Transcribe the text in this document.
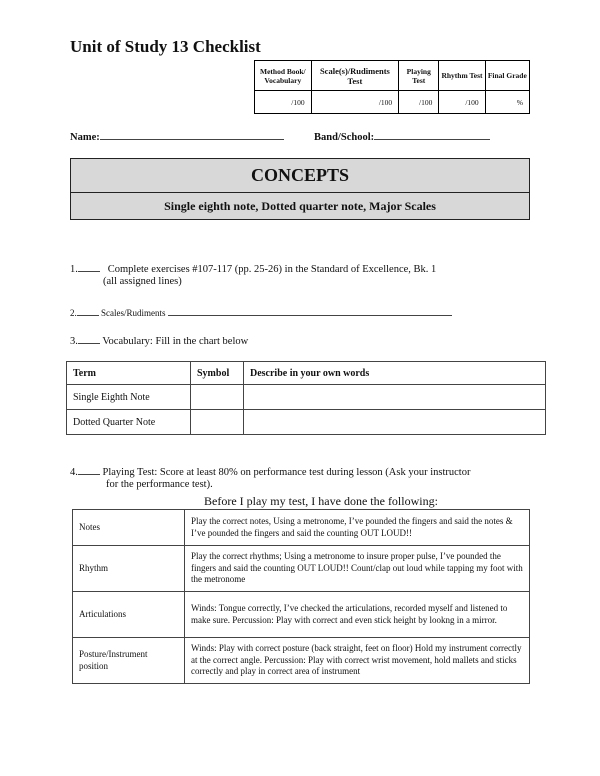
Unit of Study 13 Checklist
Method Book/ Vocabulary	Scale(s)/Rudiments Test	Playing Test	Rhythm Test	Final Grade
/100	/100	/100	/100	%
Name:	Band/School:
CONCEPTS
Single eighth note, Dotted quarter note, Major Scales
1.	Complete exercises #107-117 (pp. 25-26) in the Standard of Excellence, Bk. 1
(all assigned lines)
2.	Scales/Rudiments
3. Vocabulary: Fill in the chart below
Term	Symbol	Describe in your own words
Single Eighth Note		
Dotted Quarter Note		
4. Playing Test: Score at least 80% on performance test during lesson (Ask your instructor
for the performance test).
Before I play my test, I have done the following:
Notes	Play the correct notes, Using a metronome, I’ve pounded the fingers and said the notes & I’ve pounded the fingers and said the counting OUT LOUD!!
Rhythm	Play the correct rhythms; Using a metronome to insure proper pulse, I’ve pounded the fingers and said the counting OUT LOUD!! Count/clap out loud while tapping my foot with the metronome
Articulations	Winds: Tongue correctly, I’ve checked the articulations, recorded myself and listened to make sure. Percussion: Play with correct and even stick height by lookng in a mirror.
Posture/Instrument position	Winds: Play with correct posture (back straight, feet on floor) Hold my instrument correctly at the correct angle. Percussion: Play with correct wrist movement, hold mallets and sticks correctly and play in correct area of instrument
